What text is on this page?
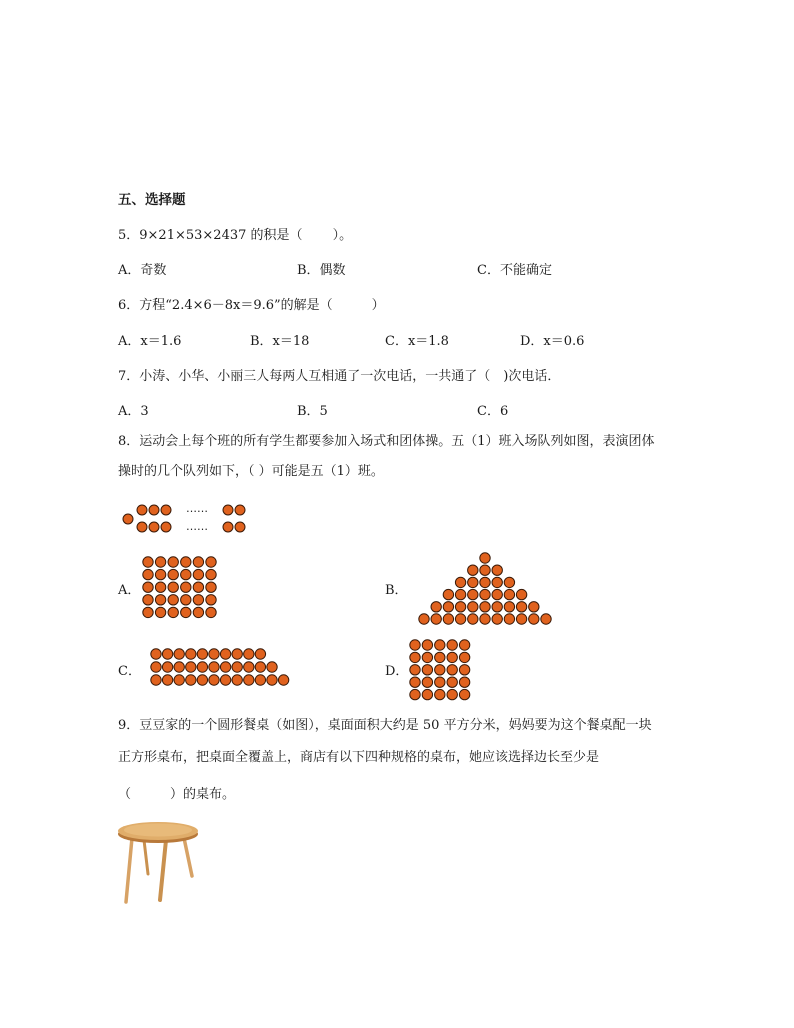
五、选择题
5．9×21×53×2437 的积是（　　 ）。
A．奇数	B．偶数	C．不能确定
6．方程“2.4×6－8x＝9.6”的解是（　　　）
A．x＝1.6	B．x＝18	C．x＝1.8	D．x＝0.6
7．小涛、小华、小丽三人每两人互相通了一次电话，一共通了（　)次电话．
A．3	B．5	C．6
8．运动会上每个班的所有学生都要参加入场式和团体操。五（1）班入场队列如图，表演团体
操时的几个队列如下，（ ）可能是五（1）班。
……
……
A．	B．
C．	D．
9．豆豆家的一个圆形餐桌（如图），桌面面积大约是 50 平方分米，妈妈要为这个餐桌配一块
正方形桌布，把桌面全覆盖上，商店有以下四种规格的桌布，她应该选择边长至少是
（　　　）的桌布。
